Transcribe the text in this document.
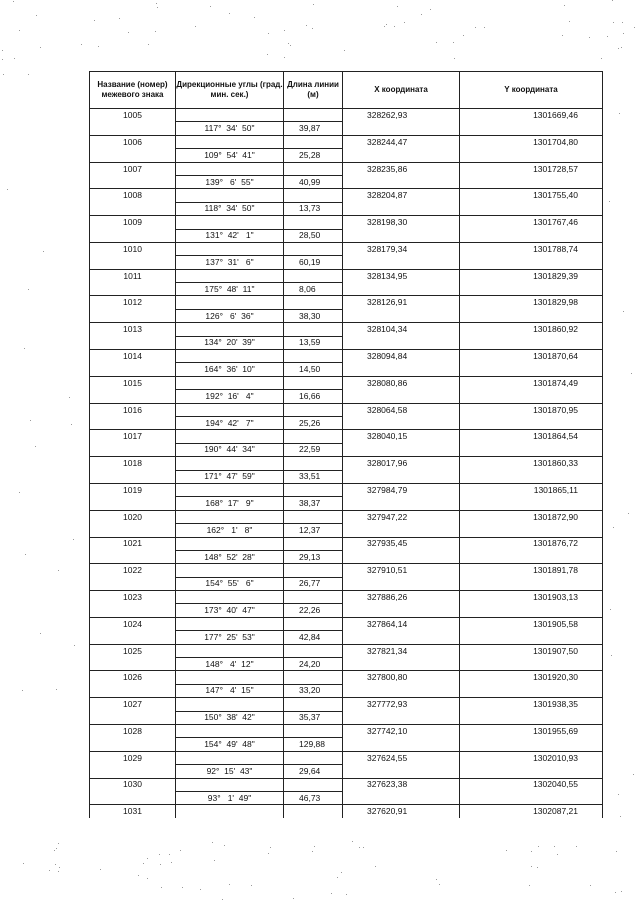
Название (номер) межевого знака	Дирекционные углы (град. мин. сек.)	Длина линии (м)	X координата	Y координата
1005			328262,93	1301669,46
	117°  34'  50"	39,87		
1006			328244,47	1301704,80
	109°  54'  41"	25,28		
1007			328235,86	1301728,57
	139°   6'  55"	40,99		
1008			328204,87	1301755,40
	118°  34'  50"	13,73		
1009			328198,30	1301767,46
	131°  42'   1"	28,50		
1010			328179,34	1301788,74
	137°  31'   6"	60,19		
1011			328134,95	1301829,39
	175°  48'  11"	8,06		
1012			328126,91	1301829,98
	126°   6'  36"	38,30		
1013			328104,34	1301860,92
	134°  20'  39"	13,59		
1014			328094,84	1301870,64
	164°  36'  10"	14,50		
1015			328080,86	1301874,49
	192°  16'   4"	16,66		
1016			328064,58	1301870,95
	194°  42'   7"	25,26		
1017			328040,15	1301864,54
	190°  44'  34"	22,59		
1018			328017,96	1301860,33
	171°  47'  59"	33,51		
1019			327984,79	1301865,11
	168°  17'   9"	38,37		
1020			327947,22	1301872,90
	162°   1'   8"	12,37		
1021			327935,45	1301876,72
	148°  52'  28"	29,13		
1022			327910,51	1301891,78
	154°  55'   6"	26,77		
1023			327886,26	1301903,13
	173°  40'  47"	22,26		
1024			327864,14	1301905,58
	177°  25'  53"	42,84		
1025			327821,34	1301907,50
	148°   4'  12"	24,20		
1026			327800,80	1301920,30
	147°   4'  15"	33,20		
1027			327772,93	1301938,35
	150°  38'  42"	35,37		
1028			327742,10	1301955,69
	154°  49'  48"	129,88		
1029			327624,55	1302010,93
	92°  15'  43"	29,64		
1030			327623,38	1302040,55
	93°   1'  49"	46,73		
1031			327620,91	1302087,21
